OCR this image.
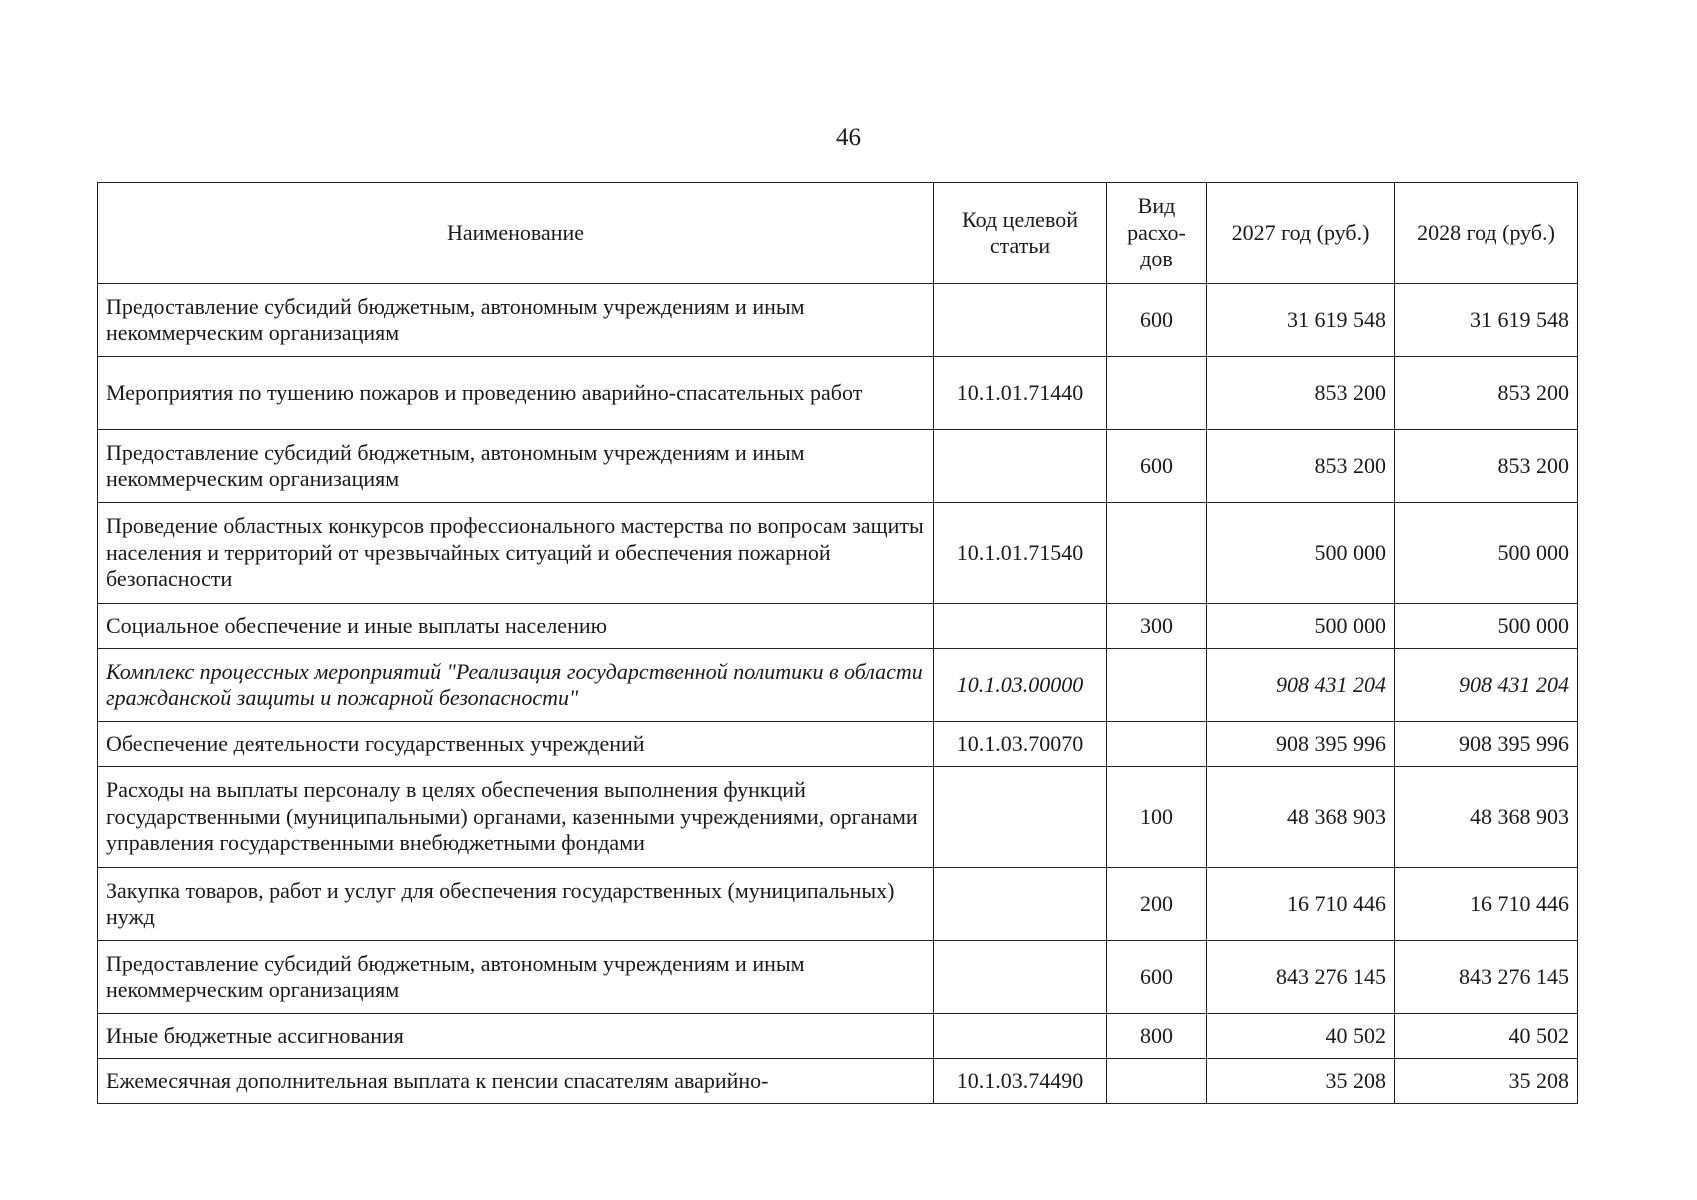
46
Наименование	Код целевой статьи	Вид расхо-дов	2027 год (руб.)	2028 год (руб.)
Предоставление субсидий бюджетным, автономным учреждениям и иным некоммерческим организациям		600	31 619 548	31 619 548
Мероприятия по тушению пожаров и проведению аварийно-спасательных работ	10.1.01.71440		853 200	853 200
Предоставление субсидий бюджетным, автономным учреждениям и иным некоммерческим организациям		600	853 200	853 200
Проведение областных конкурсов профессионального мастерства по вопросам защиты населения и территорий от чрезвычайных ситуаций и обеспечения пожарной безопасности	10.1.01.71540		500 000	500 000
Социальное обеспечение и иные выплаты населению		300	500 000	500 000
Комплекс процессных мероприятий "Реализация государственной политики в области гражданской защиты и пожарной безопасности"	10.1.03.00000		908 431 204	908 431 204
Обеспечение деятельности государственных учреждений	10.1.03.70070		908 395 996	908 395 996
Расходы на выплаты персоналу в целях обеспечения выполнения функций государственными (муниципальными) органами, казенными учреждениями, органами управления государственными внебюджетными фондами		100	48 368 903	48 368 903
Закупка товаров, работ и услуг для обеспечения государственных (муниципальных) нужд		200	16 710 446	16 710 446
Предоставление субсидий бюджетным, автономным учреждениям и иным некоммерческим организациям		600	843 276 145	843 276 145
Иные бюджетные ассигнования		800	40 502	40 502
Ежемесячная дополнительная выплата к пенсии спасателям аварийно-	10.1.03.74490		35 208	35 208
